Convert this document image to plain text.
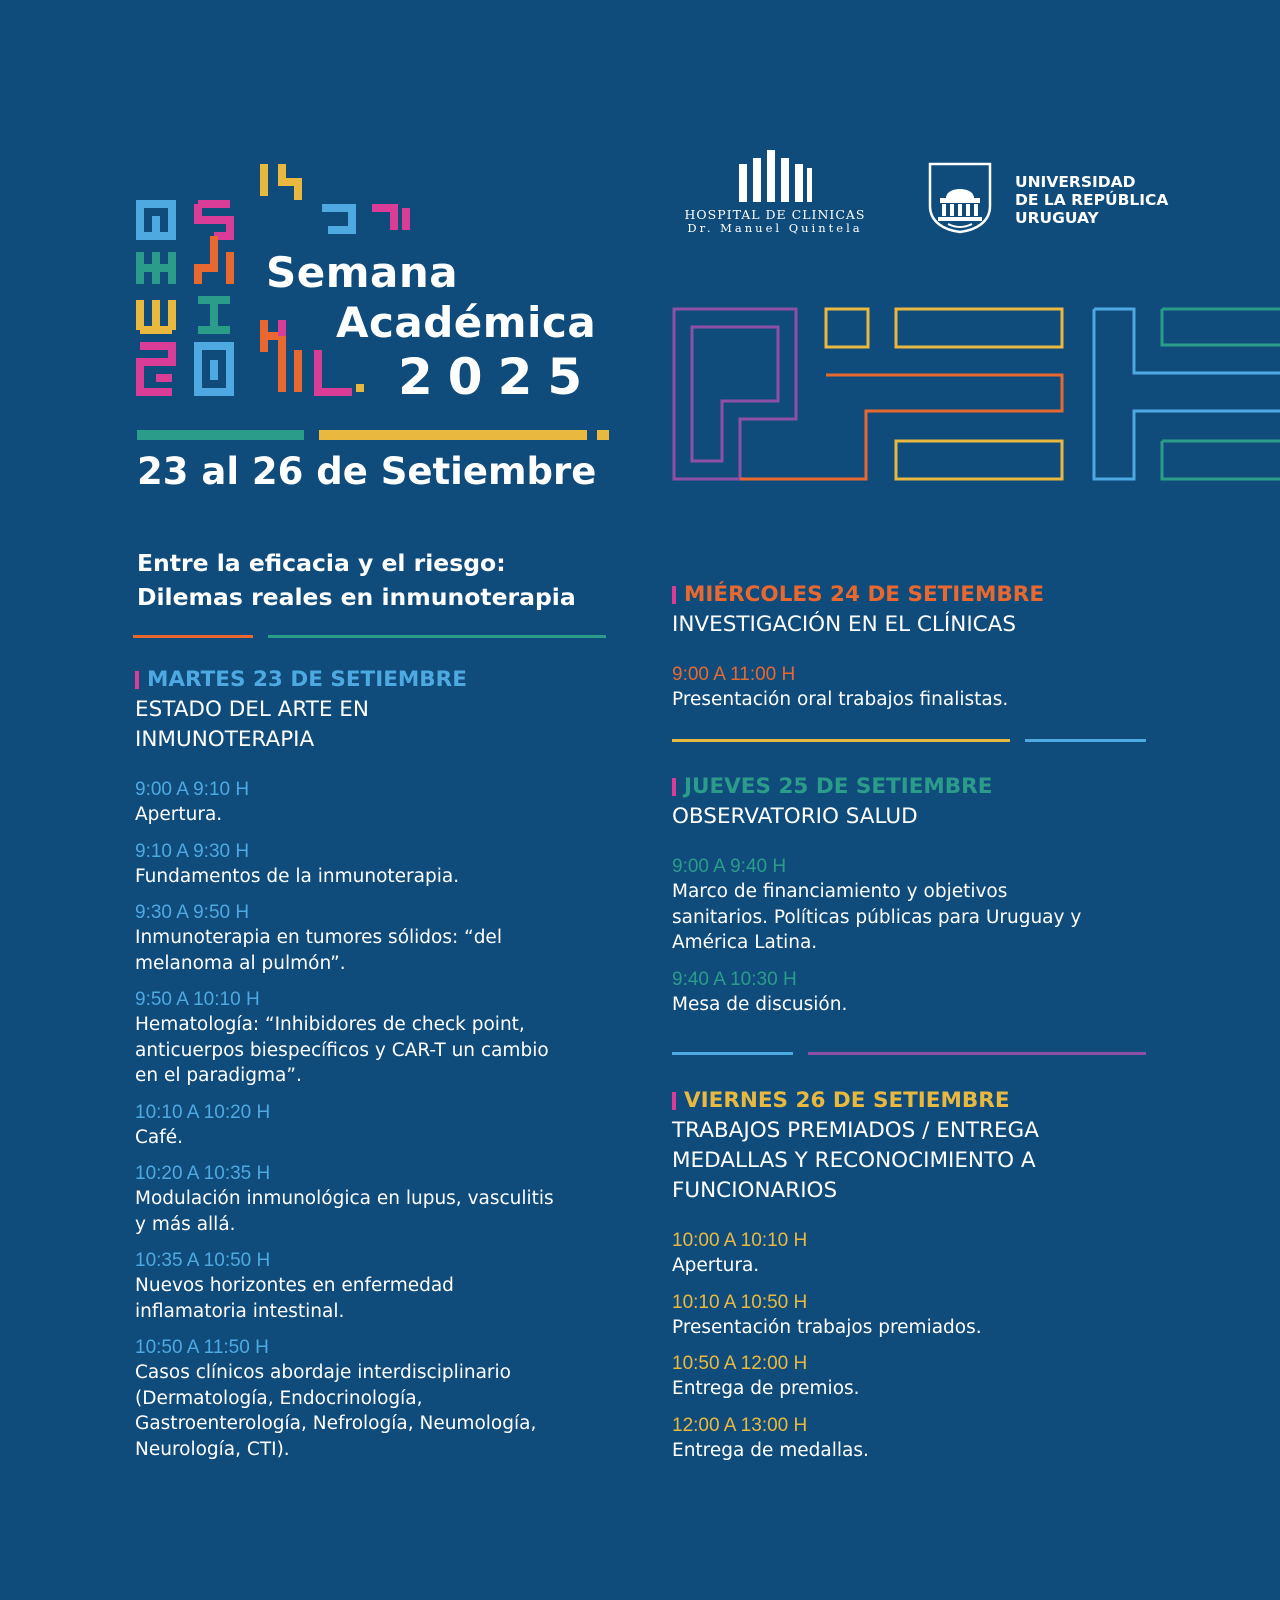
Semana
Académica
2025
23 al 26 de Setiembre
HOSPITAL DE CLINICAS
Dr. Manuel Quintela
UNIVERSIDAD
DE LA REPÚBLICA
URUGUAY
Entre la eficacia y el riesgo:
Dilemas reales en inmunoterapia
MARTES 23 DE SETIEMBRE
ESTADO DEL ARTE EN
INMUNOTERAPIA
9:00 A 9:10 H
Apertura.
9:10 A 9:30 H
Fundamentos de la inmunoterapia.
9:30 A 9:50 H
Inmunoterapia en tumores sólidos: “del
melanoma al pulmón”.
9:50 A 10:10 H
Hematología: “Inhibidores de check point,
anticuerpos biespecíficos y CAR-T un cambio
en el paradigma”.
10:10 A 10:20 H
Café.
10:20 A 10:35 H
Modulación inmunológica en lupus, vasculitis
y más allá.
10:35 A 10:50 H
Nuevos horizontes en enfermedad
inflamatoria intestinal.
10:50 A 11:50 H
Casos clínicos abordaje interdisciplinario
(Dermatología, Endocrinología,
Gastroenterología, Nefrología, Neumología,
Neurología, CTI).
MIÉRCOLES 24 DE SETIEMBRE
INVESTIGACIÓN EN EL CLÍNICAS
9:00 A 11:00 H
Presentación oral trabajos finalistas.
JUEVES 25 DE SETIEMBRE
OBSERVATORIO SALUD
9:00 A 9:40 H
Marco de financiamiento y objetivos
sanitarios. Políticas públicas para Uruguay y
América Latina.
9:40 A 10:30 H
Mesa de discusión.
VIERNES 26 DE SETIEMBRE
TRABAJOS PREMIADOS / ENTREGA
MEDALLAS Y RECONOCIMIENTO A
FUNCIONARIOS
10:00 A 10:10 H
Apertura.
10:10 A 10:50 H
Presentación trabajos premiados.
10:50 A 12:00 H
Entrega de premios.
12:00 A 13:00 H
Entrega de medallas.
